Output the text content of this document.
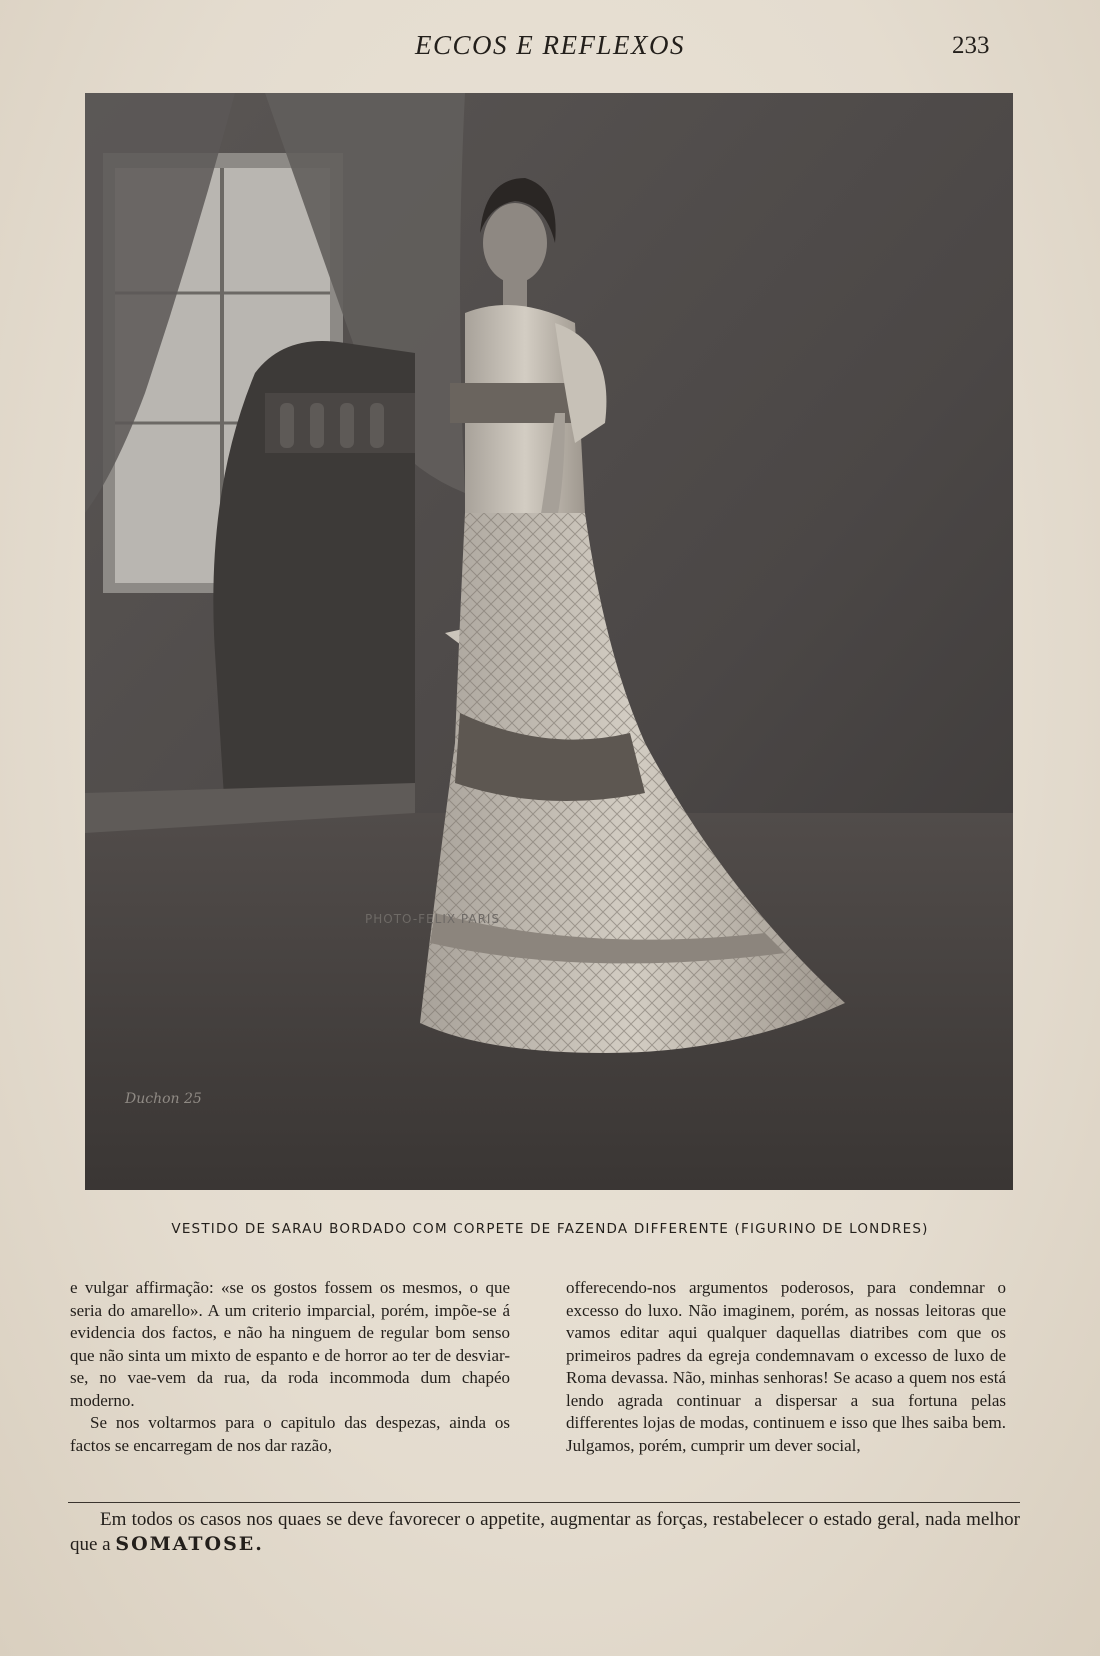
ECCOS E REFLEXOS	233
PHOTO-FELIX PARIS
Duchon 25
VESTIDO DE SARAU BORDADO COM CORPETE DE FAZENDA DIFFERENTE (FIGURINO DE LONDRES)

e vulgar affirmação: «se os gostos fossem os mesmos, o que seria do amarello». A um criterio imparcial, porém, impõe-se á evidencia dos factos, e não ha ninguem de regular bom senso que não sinta um mixto de espanto e de horror ao ter de desviar-se, no vae-vem da rua, da roda incommoda dum chapéo moderno.

Se nos voltarmos para o capitulo das despezas, ainda os factos se encarregam de nos dar razão,

offerecendo-nos argumentos poderosos, para condemnar o excesso do luxo. Não imaginem, porém, as nossas leitoras que vamos editar aqui qualquer daquellas diatribes com que os primeiros padres da egreja condemnavam o excesso de luxo de Roma devassa. Não, minhas senhoras! Se acaso a quem nos está lendo agrada continuar a dispersar a sua fortuna pelas differentes lojas de modas, continuem e isso que lhes saiba bem. Julgamos, porém, cumprir um dever social,

Em todos os casos nos quaes se deve favorecer o appetite, augmentar as forças, restabelecer o estado geral, nada melhor que a SOMATOSE.
